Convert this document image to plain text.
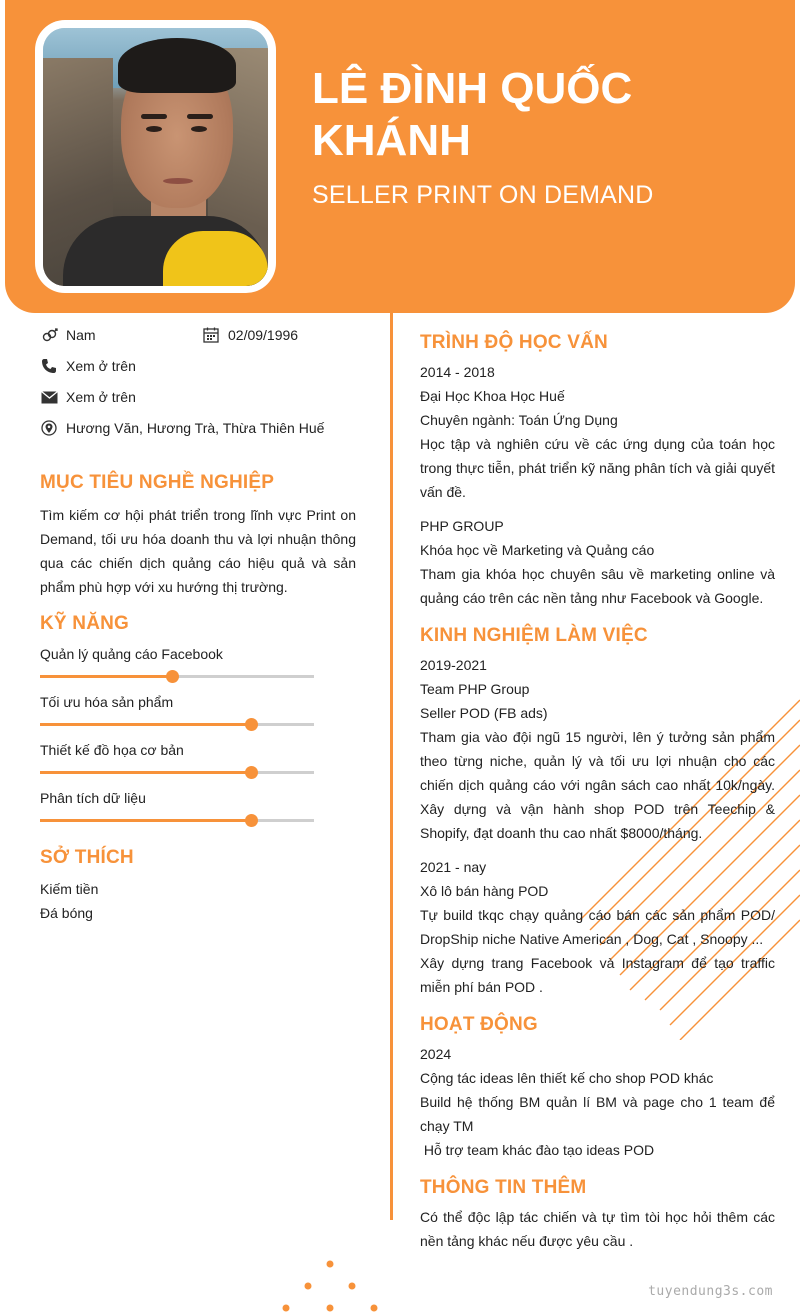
LÊ ĐÌNH QUỐC
KHÁNH
SELLER PRINT ON DEMAND
Nam	02/09/1996
Xem ở trên
Xem ở trên
Hương Văn, Hương Trà, Thừa Thiên Huế
MỤC TIÊU NGHỀ NGHIỆP
Tìm kiếm cơ hội phát triển trong lĩnh vực Print on Demand, tối ưu hóa doanh thu và lợi nhuận thông qua các chiến dịch quảng cáo hiệu quả và sản phẩm phù hợp với xu hướng thị trường.
KỸ NĂNG
Quản lý quảng cáo Facebook
Tối ưu hóa sản phẩm
Thiết kế đồ họa cơ bản
Phân tích dữ liệu
SỞ THÍCH
Kiếm tiền
Đá bóng
TRÌNH ĐỘ HỌC VẤN
2014 - 2018
Đại Học Khoa Học Huế
Chuyên ngành: Toán Ứng Dụng
Học tập và nghiên cứu về các ứng dụng của toán học trong thực tiễn, phát triển kỹ năng phân tích và giải quyết vấn đề.
PHP GROUP
Khóa học về Marketing và Quảng cáo
Tham gia khóa học chuyên sâu về marketing online và quảng cáo trên các nền tảng như Facebook và Google.
KINH NGHIỆM LÀM VIỆC
2019-2021
Team PHP Group
Seller POD (FB ads)
Tham gia vào đội ngũ 15 người, lên ý tưởng sản phẩm theo từng niche, quản lý và tối ưu lợi nhuận cho các chiến dịch quảng cáo với ngân sách cao nhất 10k/ngày. Xây dựng và vận hành shop POD trên Teechip & Shopify, đạt doanh thu cao nhất $8000/tháng.
2021 - nay
Xô lô bán hàng POD
Tự build tkqc chạy quảng cáo bán các sản phẩm POD/ DropShip niche Native American , Dog, Cat , Snoopy ...
Xây dựng trang Facebook và Instagram để tạo traffic miễn phí bán POD .
HOẠT ĐỘNG
2024
Cộng tác ideas lên thiết kế cho shop POD khác
Build hệ thống BM quản lí BM và page cho 1 team để chạy TM
Hỗ trợ team khác đào tạo ideas POD
THÔNG TIN THÊM
Có thể độc lập tác chiến và tự tìm tòi học hỏi thêm các nền tảng khác nếu được yêu cầu .
tuyendung3s.com
